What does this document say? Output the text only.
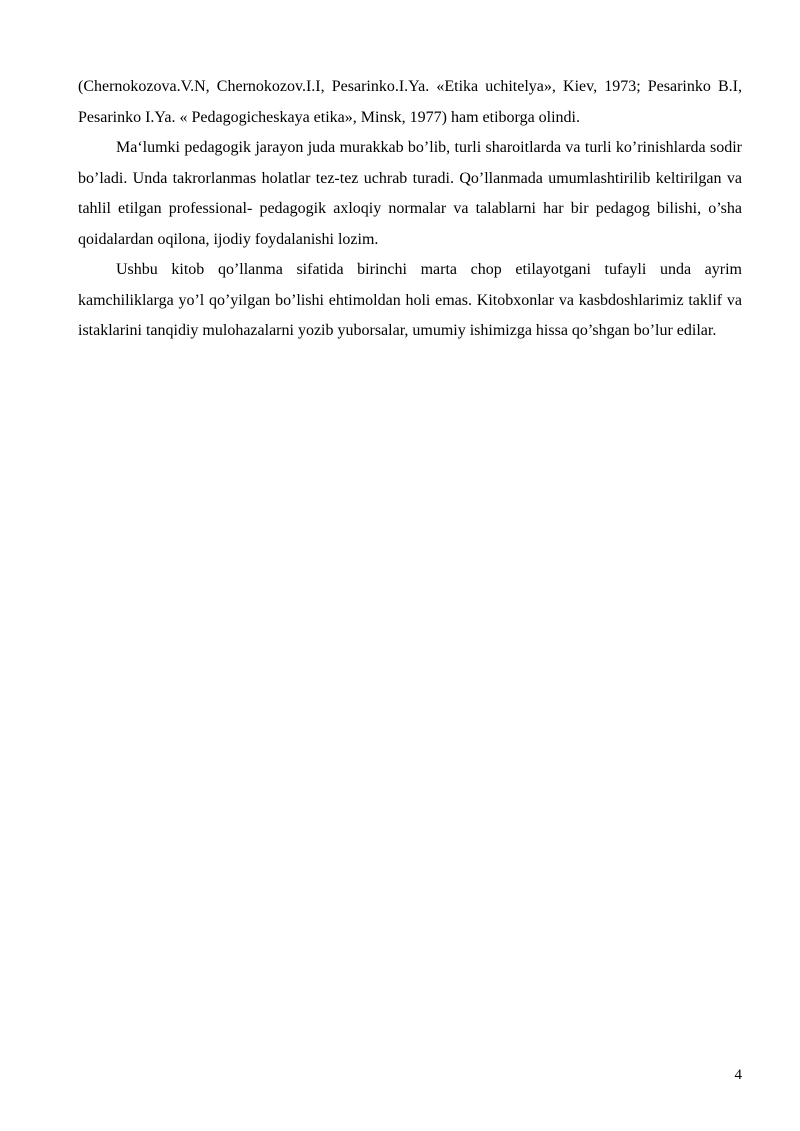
(Chernokozova.V.N, Chernokozov.I.I, Pesarinko.I.Ya. «Etika uchitelya», Kiev, 1973; Pesarinko B.I, Pesarinko I.Ya. « Pedagogicheskaya etika», Minsk, 1977) ham etiborga olindi.

Ma‘lumki pedagogik jarayon juda murakkab bo’lib, turli sharoitlarda va turli ko’rinishlarda sodir bo’ladi. Unda takrorlanmas holatlar tez-tez uchrab turadi. Qo’llanmada umumlashtirilib keltirilgan va tahlil etilgan professional- pedagogik axloqiy normalar va talablarni har bir pedagog bilishi, o’sha qoidalardan oqilona, ijodiy foydalanishi lozim.

Ushbu kitob qo’llanma sifatida birinchi marta chop etilayotgani tufayli unda ayrim kamchiliklarga yo’l qo’yilgan bo’lishi ehtimoldan holi emas. Kitobxonlar va kasbdoshlarimiz taklif va istaklarini tanqidiy mulohazalarni yozib yuborsalar, umumiy ishimizga hissa qo’shgan bo’lur edilar.

4
